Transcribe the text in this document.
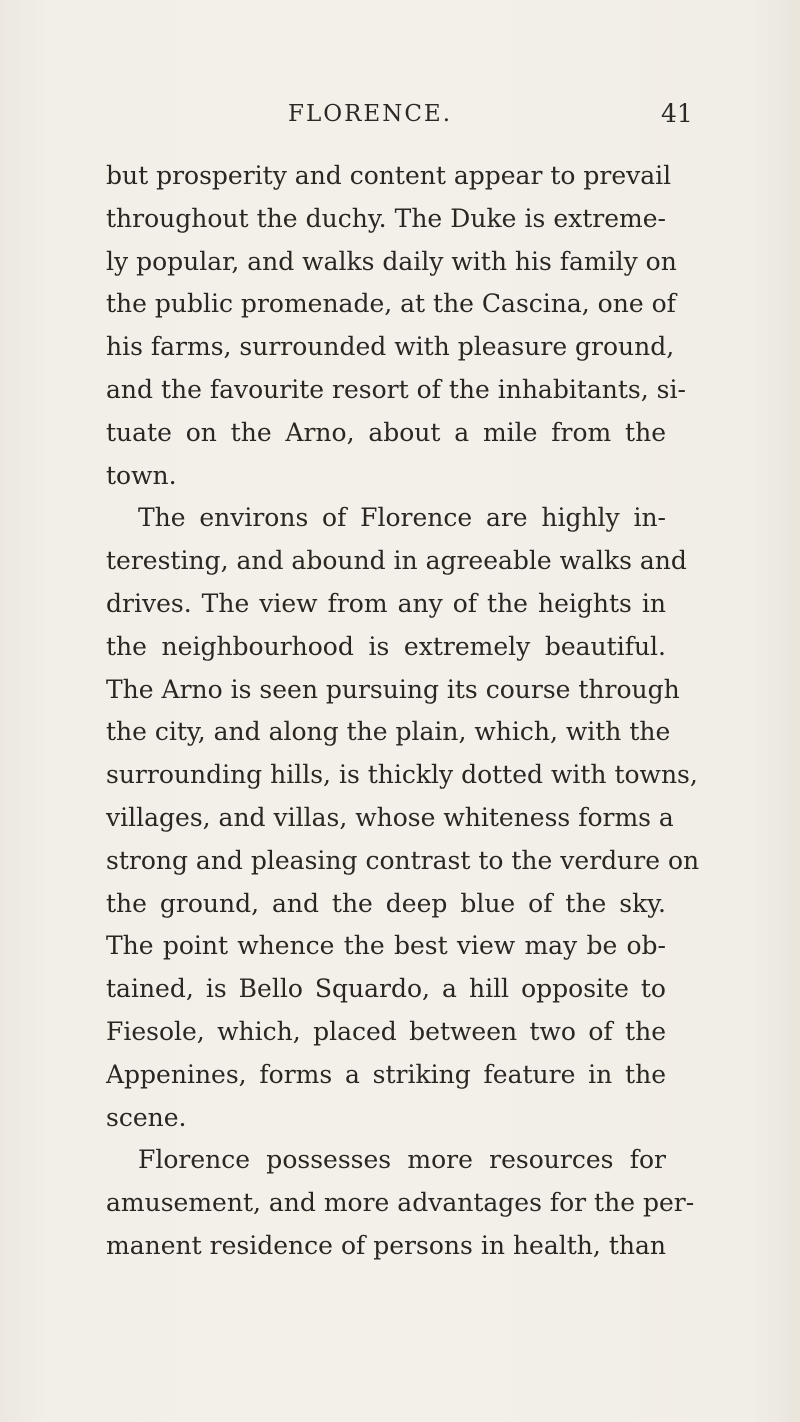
FLORENCE.	41
but prosperity and content appear to prevail
throughout the duchy. The Duke is extreme-
ly popular, and walks daily with his family on
the public promenade, at the Cascina, one of
his farms, surrounded with pleasure ground,
and the favourite resort of the inhabitants, si-
tuate on the Arno, about a mile from the
town.
The environs of Florence are highly in-
teresting, and abound in agreeable walks and
drives. The view from any of the heights in
the neighbourhood is extremely beautiful.
The Arno is seen pursuing its course through
the city, and along the plain, which, with the
surrounding hills, is thickly dotted with towns,
villages, and villas, whose whiteness forms a
strong and pleasing contrast to the verdure on
the ground, and the deep blue of the sky.
The point whence the best view may be ob-
tained, is Bello Squardo, a hill opposite to
Fiesole, which, placed between two of the
Appenines, forms a striking feature in the
scene.
Florence possesses more resources for
amusement, and more advantages for the per-
manent residence of persons in health, than
